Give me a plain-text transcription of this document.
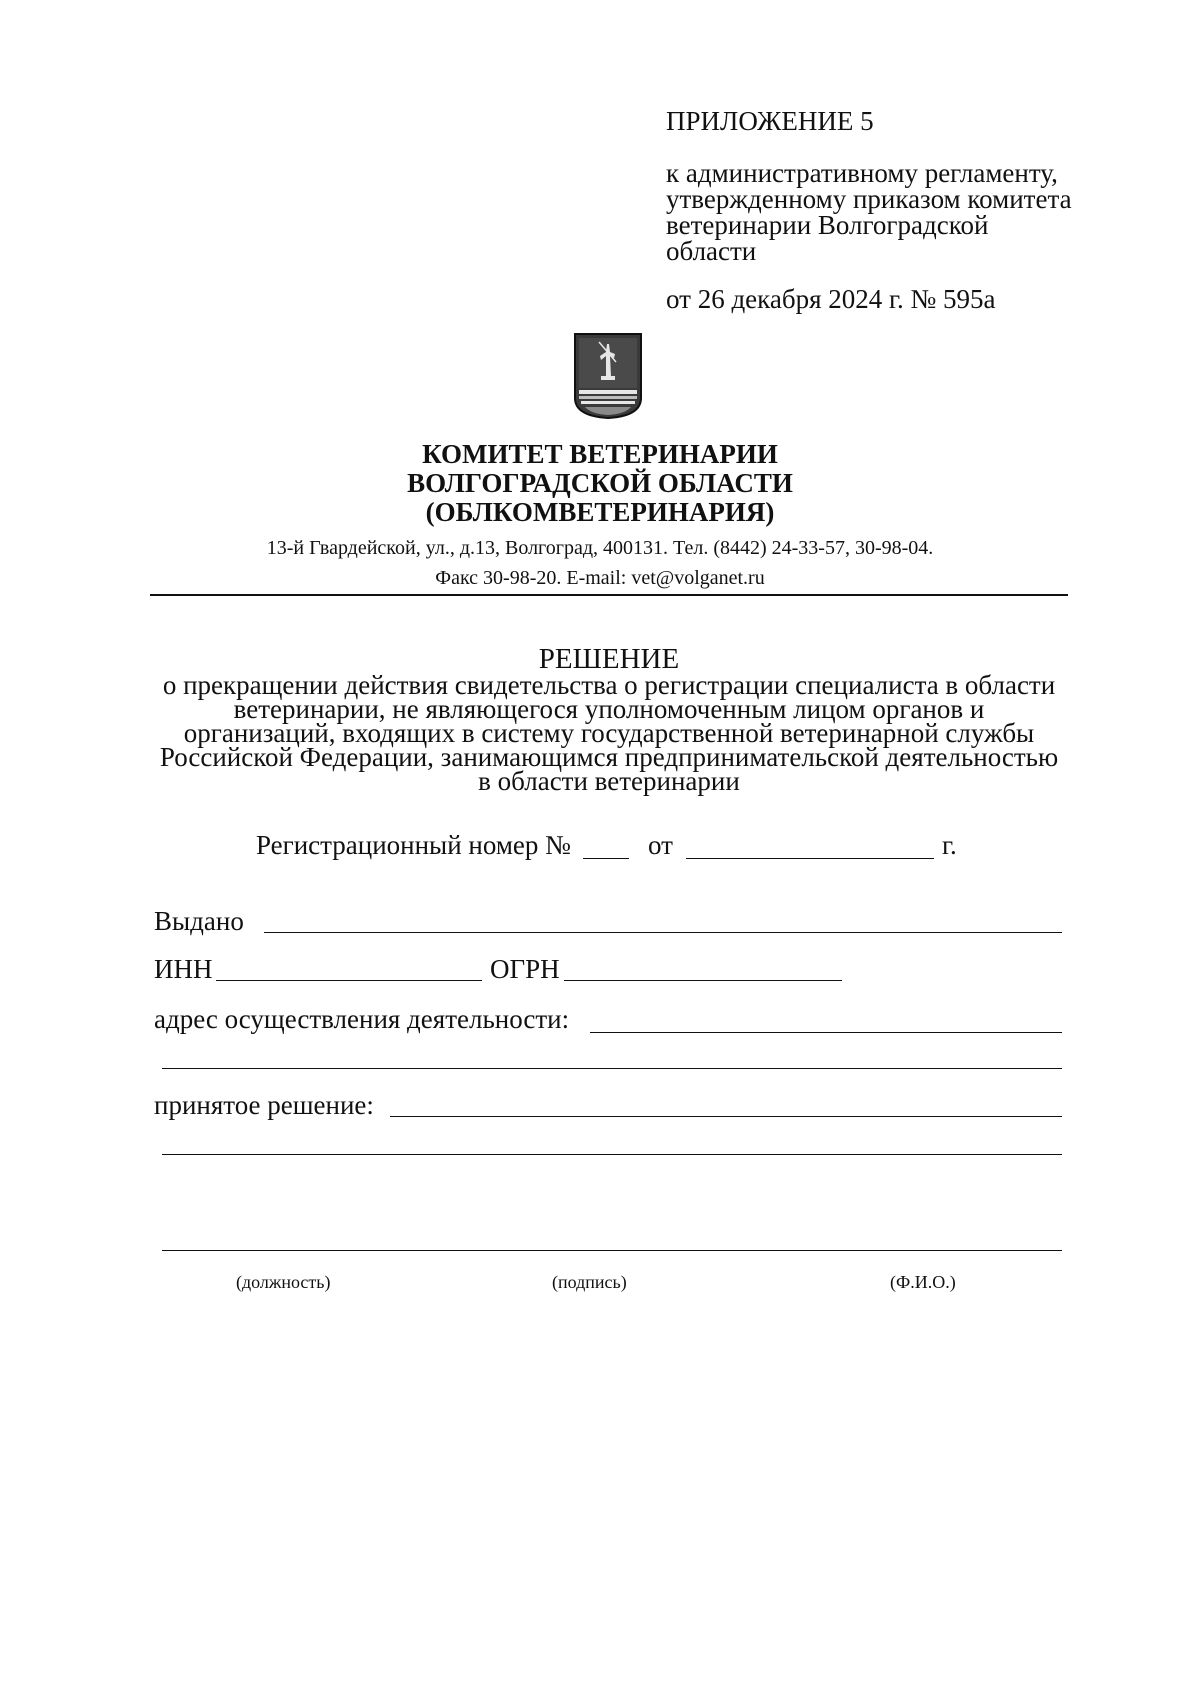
ПРИЛОЖЕНИЕ 5
к административному регламенту, утвержденному приказом комитета ветеринарии Волгоградской области
от 26 декабря 2024 г. № 595а
КОМИТЕТ ВЕТЕРИНАРИИ
ВОЛГОГРАДСКОЙ ОБЛАСТИ
(ОБЛКОМВЕТЕРИНАРИЯ)
13-й Гвардейской, ул., д.13, Волгоград, 400131. Тел. (8442) 24-33-57, 30-98-04.
Факс 30-98-20. E-mail: vet@volganet.ru
РЕШЕНИЕ
о прекращении действия свидетельства о регистрации специалиста в области ветеринарии, не являющегося уполномоченным лицом органов и организаций, входящих в систему государственной ветеринарной службы Российской Федерации, занимающимся предпринимательской деятельностью в области ветеринарии
Регистрационный номер №	от	г.
Выдано
ИНН	ОГРН
адрес осуществления деятельности:
принятое решение:
(должность)	(подпись)	(Ф.И.О.)
